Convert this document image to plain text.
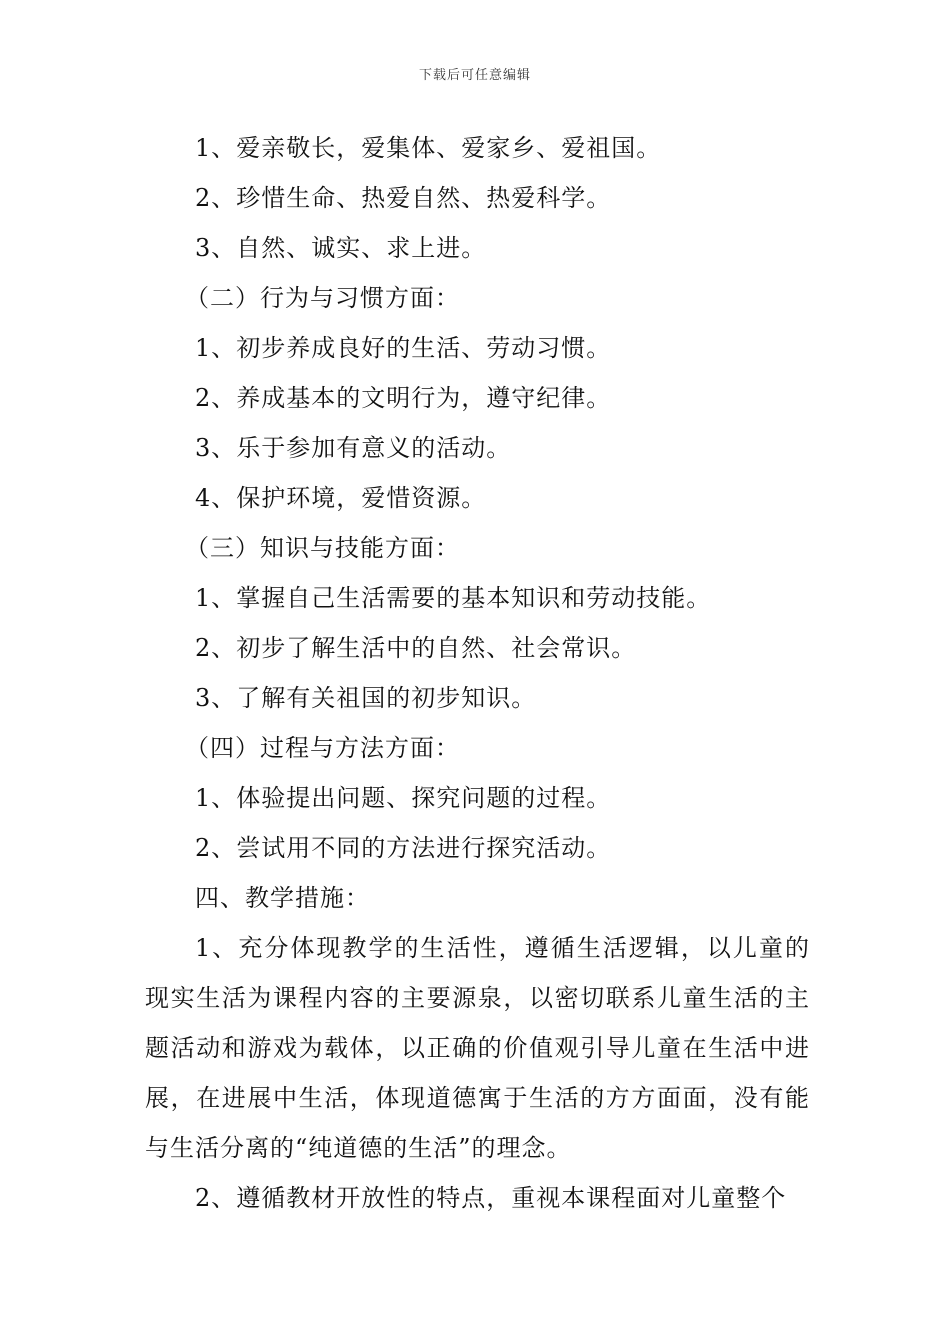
下载后可任意编辑
1、爱亲敬长，爱集体、爱家乡、爱祖国。
2、珍惜生命、热爱自然、热爱科学。
3、自然、诚实、求上进。
（二）行为与习惯方面：
1、初步养成良好的生活、劳动习惯。
2、养成基本的文明行为，遵守纪律。
3、乐于参加有意义的活动。
4、保护环境，爱惜资源。
（三）知识与技能方面：
1、掌握自己生活需要的基本知识和劳动技能。
2、初步了解生活中的自然、社会常识。
3、了解有关祖国的初步知识。
（四）过程与方法方面：
1、体验提出问题、探究问题的过程。
2、尝试用不同的方法进行探究活动。
四、教学措施：
1、充分体现教学的生活性，遵循生活逻辑，以儿童的现实生活为课程内容的主要源泉，以密切联系儿童生活的主题活动和游戏为载体，以正确的价值观引导儿童在生活中进展，在进展中生活，体现道德寓于生活的方方面面，没有能与生活分离的“纯道德的生活”的理念。
2、遵循教材开放性的特点，重视本课程面对儿童整个
